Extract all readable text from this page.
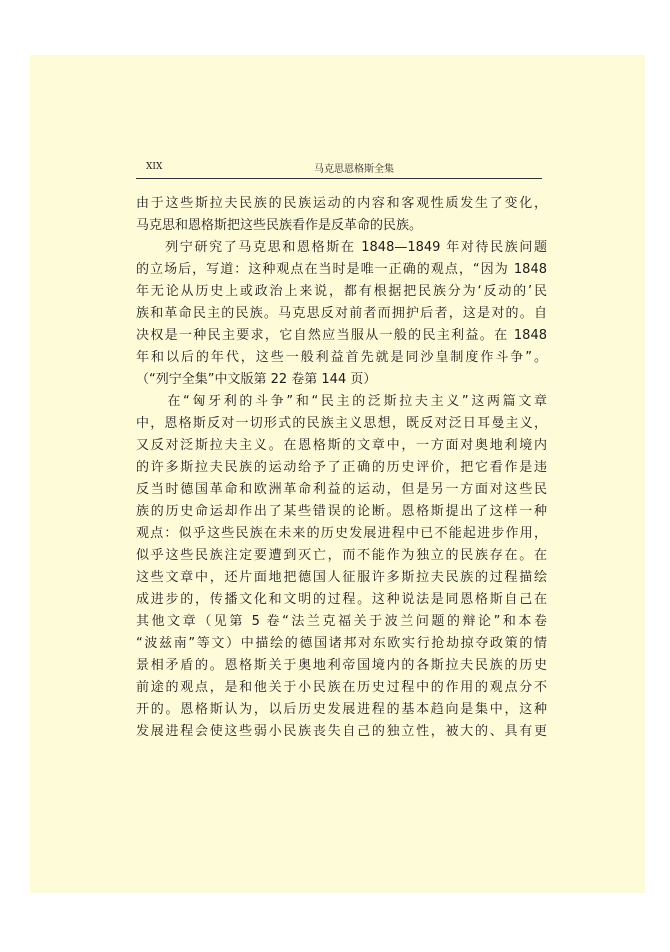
XIX	马克思恩格斯全集
由于这些斯拉夫民族的民族运动的内容和客观性质发生了变化，
马克思和恩格斯把这些民族看作是反革命的民族。
　　列宁研究了马克思和恩格斯在 1848—1849 年对待民族问题
的立场后，写道：这种观点在当时是唯一正确的观点，“因为 1848
年无论从历史上或政治上来说，都有根据把民族分为‘反动的’民
族和革命民主的民族。马克思反对前者而拥护后者，这是对的。自
决权是一种民主要求，它自然应当服从一般的民主利益。在 1848
年和以后的年代，这些一般利益首先就是同沙皇制度作斗争”。
（“列宁全集”中文版第 22 卷第 144 页）
　　在“匈牙利的斗争”和“民主的泛斯拉夫主义”这两篇文章
中，恩格斯反对一切形式的民族主义思想，既反对泛日耳曼主义，
又反对泛斯拉夫主义。在恩格斯的文章中，一方面对奥地利境内
的许多斯拉夫民族的运动给予了正确的历史评价，把它看作是违
反当时德国革命和欧洲革命利益的运动，但是另一方面对这些民
族的历史命运却作出了某些错误的论断。恩格斯提出了这样一种
观点：似乎这些民族在未来的历史发展进程中已不能起进步作用，
似乎这些民族注定要遭到灭亡，而不能作为独立的民族存在。在
这些文章中，还片面地把德国人征服许多斯拉夫民族的过程描绘
成进步的，传播文化和文明的过程。这种说法是同恩格斯自己在
其他文章（见第 5 卷“法兰克福关于波兰问题的辩论”和本卷
“波兹南”等文）中描绘的德国诸邦对东欧实行抢劫掠夺政策的情
景相矛盾的。恩格斯关于奥地利帝国境内的各斯拉夫民族的历史
前途的观点，是和他关于小民族在历史过程中的作用的观点分不
开的。恩格斯认为，以后历史发展进程的基本趋向是集中，这种
发展进程会使这些弱小民族丧失自己的独立性，被大的、具有更
